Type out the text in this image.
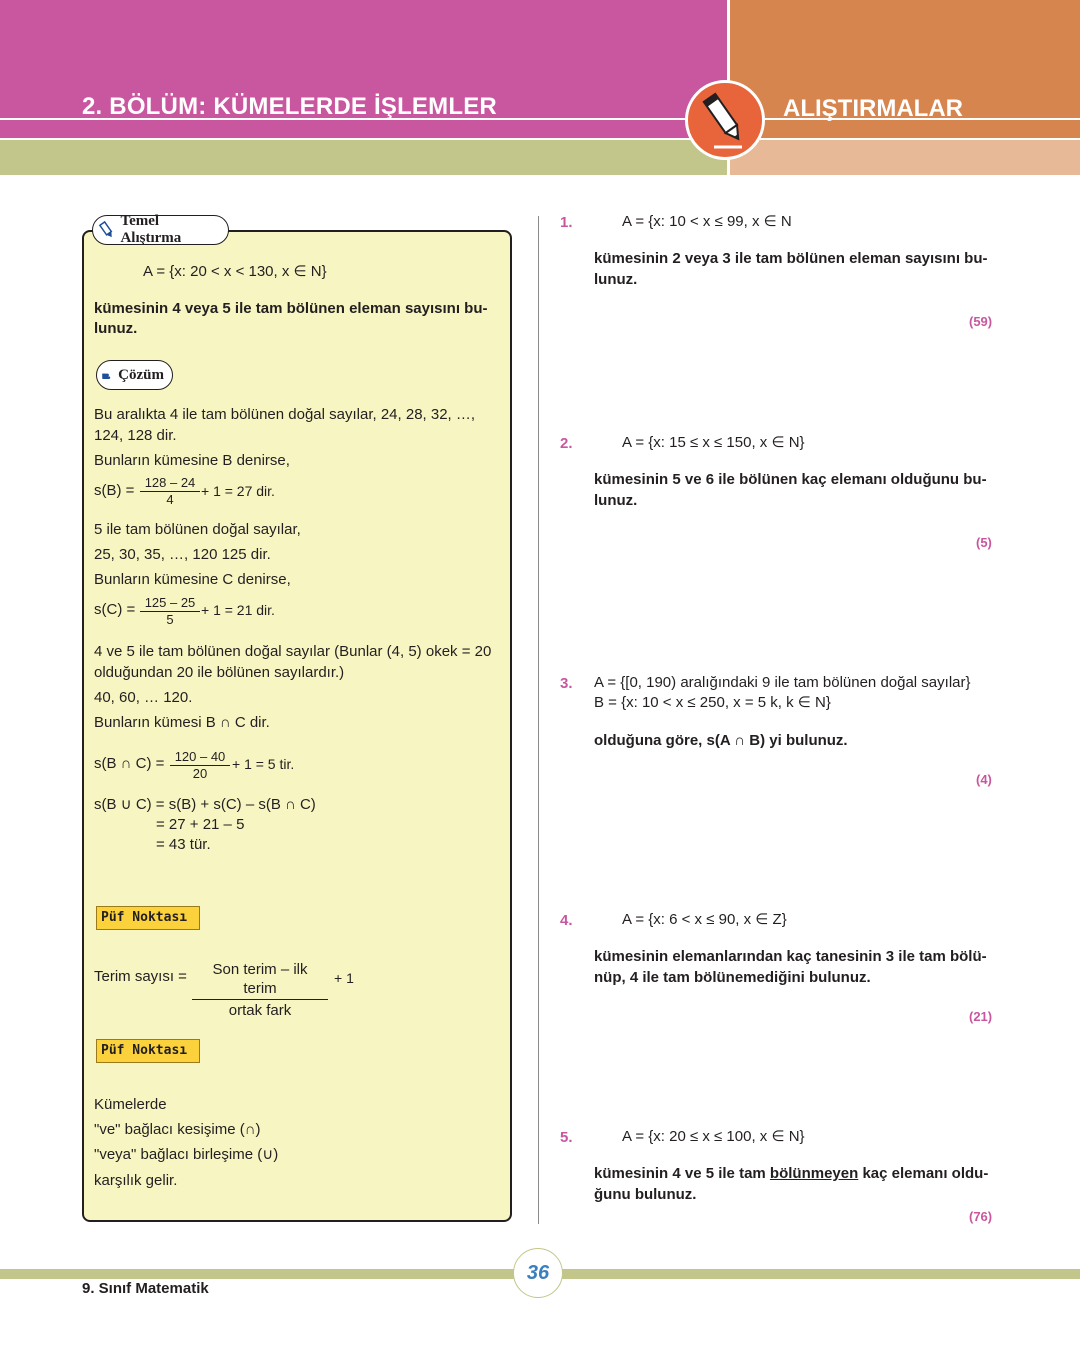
2. BÖLÜM: KÜMELERDE İŞLEMLER	ALIŞTIRMALAR
Temel Alıştırma
A = {x: 20 < x < 130, x ∈ N}
kümesinin 4 veya 5 ile tam bölünen eleman sayısını bu-
lunuz.
Çözüm
Bu aralıkta 4 ile tam bölünen doğal sayılar, 24, 28, 32, …,
124, 128 dir.
Bunların kümesine B denirse,
$s(B) = \frac{128 - 24}{4} + 1 = 27$ dir.
5 ile tam bölünen doğal sayılar,
25, 30, 35, …, 120 125 dir.
Bunların kümesine C denirse,
$s(C) = \frac{125 - 25}{5} + 1 = 21$ dir.
4 ve 5 ile tam bölünen doğal sayılar (Bunlar (4, 5) okek = 20
olduğundan 20 ile bölünen sayılardır.)
40, 60, … 120.
Bunların kümesi B ∩ C dir.
s(B ∩ $C) = \frac{120 - 40}{20} + 1 = 5$ tir.
s(B ∪ C) = s(B) + s(C) – s(B ∩ C)
= 27 + 21 – 5
= 43 tür.
Püf Noktası
Terim sayısı =	Son terim – ilk terim
ortak fark
+ 1
Püf Noktası
Kümelerde
"ve" bağlacı kesişime (∩)
"veya" bağlacı birleşime (∪)
karşılık gelir.
1.	A = {x: 10 < x ≤ 99, x ∈ N
kümesinin 2 veya 3 ile tam bölünen eleman sayısını bu-
lunuz.
(59)
2.	A = {x: 15 ≤ x ≤ 150, x ∈ N}
kümesinin 5 ve 6 ile bölünen kaç elemanı olduğunu bu-
lunuz.
(5)
3. A = {[0, 190) aralığındaki 9 ile tam bölünen doğal sayılar}
B = {x: 10 < x ≤ 250, x = 5 k, k ∈ N}
olduğuna göre, s(A ∩ B) yi bulunuz.
(4)
4.	A = {x: 6 < x ≤ 90, x ∈ Z}
kümesinin elemanlarından kaç tanesinin 3 ile tam bölü-
nüp, 4 ile tam bölünemediğini bulunuz.
(21)
5.	A = {x: 20 ≤ x ≤ 100, x ∈ N}
kümesinin 4 ve 5 ile tam bölünmeyen kaç elemanı oldu-
ğunu bulunuz.
(76)
36
9. Sınıf Matematik
